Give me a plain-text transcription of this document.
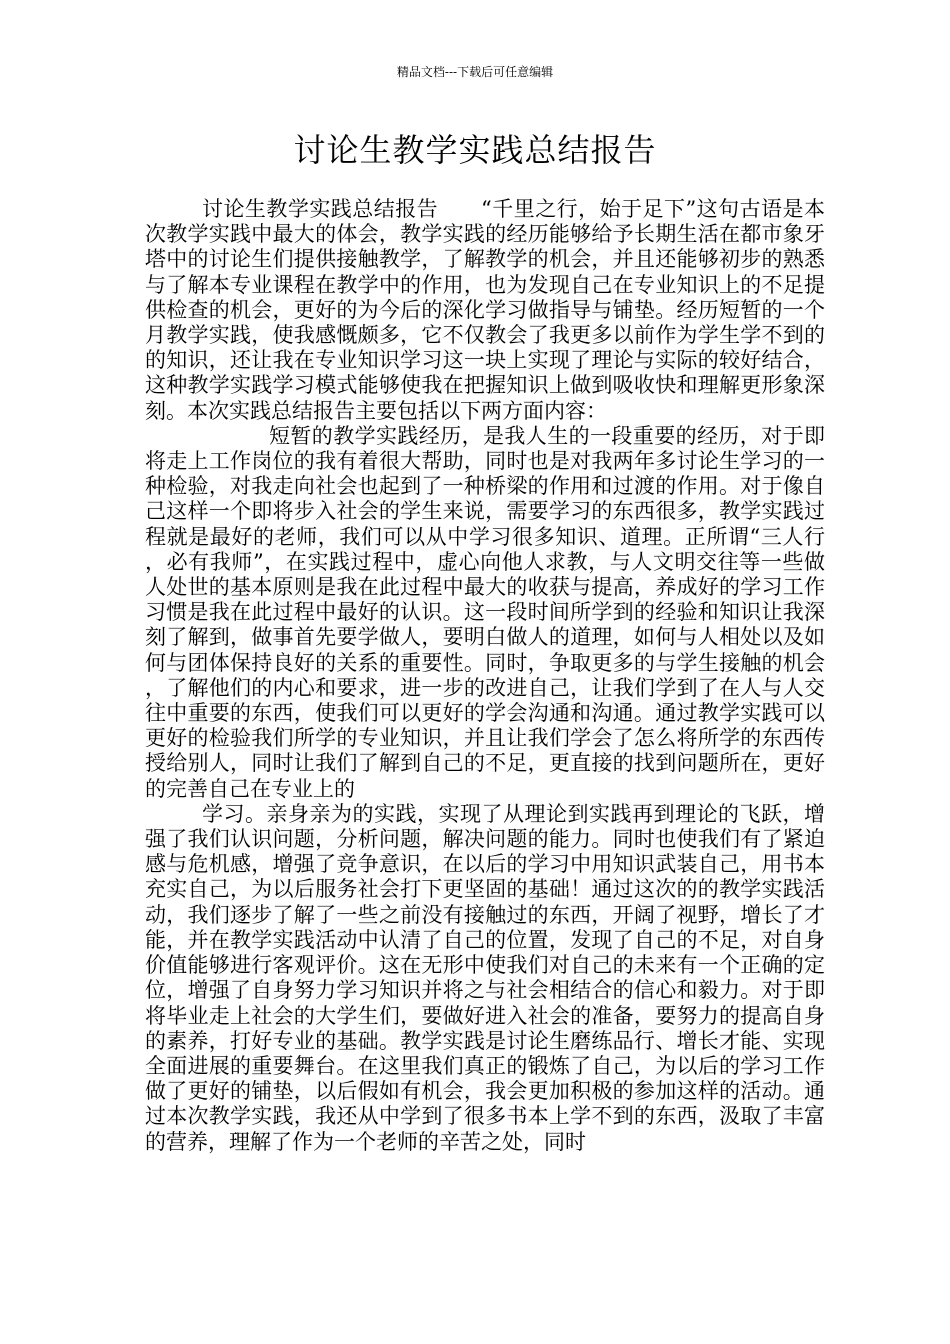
精品文档---下载后可任意编辑
讨论生教学实践总结报告

讨论生教学实践总结报告　　“千里之行，始于足下”这句古语是本次教学实践中最大的体会，教学实践的经历能够给予长期生活在都市象牙塔中的讨论生们提供接触教学，了解教学的机会，并且还能够初步的熟悉与了解本专业课程在教学中的作用，也为发现自己在专业知识上的不足提供检查的机会，更好的为今后的深化学习做指导与铺垫。经历短暂的一个月教学实践，使我感慨颇多，它不仅教会了我更多以前作为学生学不到的的知识，还让我在专业知识学习这一块上实现了理论与实际的较好结合，这种教学实践学习模式能够使我在把握知识上做到吸收快和理解更形象深刻。本次实践总结报告主要包括以下两方面内容：

短暂的教学实践经历，是我人生的一段重要的经历，对于即将走上工作岗位的我有着很大帮助，同时也是对我两年多讨论生学习的一种检验，对我走向社会也起到了一种桥梁的作用和过渡的作用。对于像自己这样一个即将步入社会的学生来说，需要学习的东西很多，教学实践过程就是最好的老师，我们可以从中学习很多知识、道理。正所谓“三人行，必有我师”，在实践过程中，虚心向他人求教，与人文明交往等一些做人处世的基本原则是我在此过程中最大的收获与提高，养成好的学习工作习惯是我在此过程中最好的认识。这一段时间所学到的经验和知识让我深刻了解到，做事首先要学做人，要明白做人的道理，如何与人相处以及如何与团体保持良好的关系的重要性。同时，争取更多的与学生接触的机会，了解他们的内心和要求，进一步的改进自己，让我们学到了在人与人交往中重要的东西，使我们可以更好的学会沟通和沟通。通过教学实践可以更好的检验我们所学的专业知识，并且让我们学会了怎么将所学的东西传授给别人，同时让我们了解到自己的不足，更直接的找到问题所在，更好的完善自己在专业上的

学习。亲身亲为的实践，实现了从理论到实践再到理论的飞跃，增强了我们认识问题，分析问题，解决问题的能力。同时也使我们有了紧迫感与危机感，增强了竞争意识，在以后的学习中用知识武装自己，用书本充实自己，为以后服务社会打下更坚固的基础！通过这次的的教学实践活动，我们逐步了解了一些之前没有接触过的东西，开阔了视野，增长了才能，并在教学实践活动中认清了自己的位置，发现了自己的不足，对自身价值能够进行客观评价。这在无形中使我们对自己的未来有一个正确的定位，增强了自身努力学习知识并将之与社会相结合的信心和毅力。对于即将毕业走上社会的大学生们，要做好进入社会的准备，要努力的提高自身的素养，打好专业的基础。教学实践是讨论生磨练品行、增长才能、实现全面进展的重要舞台。在这里我们真正的锻炼了自己，为以后的学习工作做了更好的铺垫，以后假如有机会，我会更加积极的参加这样的活动。通过本次教学实践，我还从中学到了很多书本上学不到的东西，汲取了丰富的营养，理解了作为一个老师的辛苦之处，同时
